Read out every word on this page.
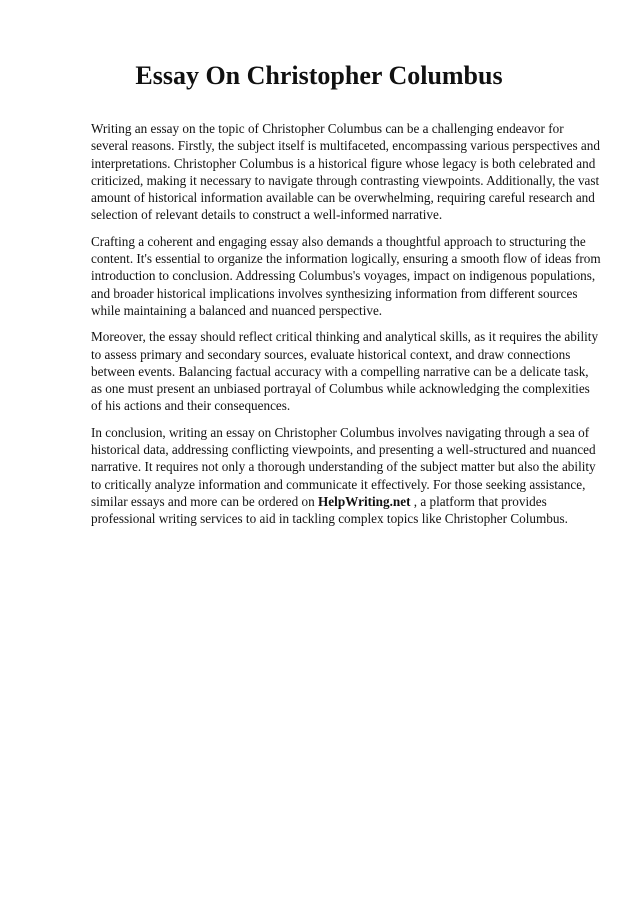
Essay On Christopher Columbus

Writing an essay on the topic of Christopher Columbus can be a challenging endeavor for several reasons. Firstly, the subject itself is multifaceted, encompassing various perspectives and interpretations. Christopher Columbus is a historical figure whose legacy is both celebrated and criticized, making it necessary to navigate through contrasting viewpoints. Additionally, the vast amount of historical information available can be overwhelming, requiring careful research and selection of relevant details to construct a well-informed narrative.

Crafting a coherent and engaging essay also demands a thoughtful approach to structuring the content. It's essential to organize the information logically, ensuring a smooth flow of ideas from introduction to conclusion. Addressing Columbus's voyages, impact on indigenous populations, and broader historical implications involves synthesizing information from different sources while maintaining a balanced and nuanced perspective.

Moreover, the essay should reflect critical thinking and analytical skills, as it requires the ability to assess primary and secondary sources, evaluate historical context, and draw connections between events. Balancing factual accuracy with a compelling narrative can be a delicate task, as one must present an unbiased portrayal of Columbus while acknowledging the complexities of his actions and their consequences.

In conclusion, writing an essay on Christopher Columbus involves navigating through a sea of historical data, addressing conflicting viewpoints, and presenting a well-structured and nuanced narrative. It requires not only a thorough understanding of the subject matter but also the ability to critically analyze information and communicate it effectively. For those seeking assistance, similar essays and more can be ordered on HelpWriting.net , a platform that provides professional writing services to aid in tackling complex topics like Christopher Columbus.
